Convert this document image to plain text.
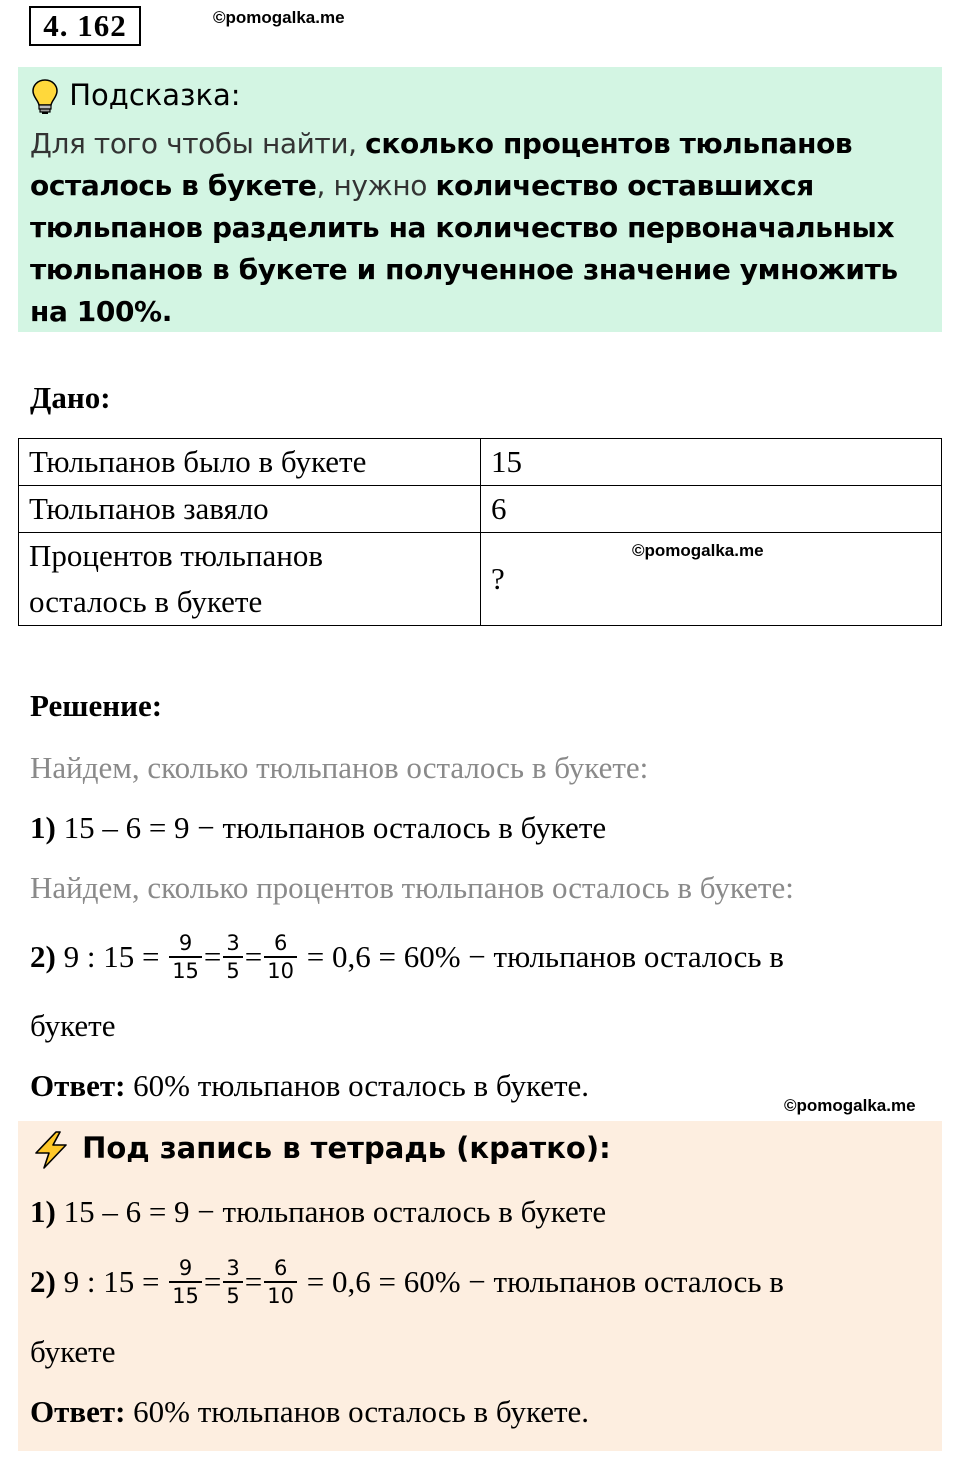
4. 162	©pomogalka.me
Подсказка:
Для того чтобы найти, сколько процентов тюльпанов осталось в букете, нужно количество оставшихся тюльпанов разделить на количество первоначальных тюльпанов в букете и полученное значение умножить на 100%.
Дано:
Тюльпанов было в букете	15
Тюльпанов завяло	6

Процентов тюльпанов
осталось в букете	?
©pomogalka.me
Решение:
Найдем, сколько тюльпанов осталось в букете:
1) 15 – 6 = 9 − тюльпанов осталось в букете
Найдем, сколько процентов тюльпанов осталось в букете:
2) 9 : $15 = \frac{9}{15} = \frac{3}{5} = \frac{6}{10} = 0,6 = 60\%$ − тюльпанов осталось в
букете
Ответ: 60% тюльпанов осталось в букете.
©pomogalka.me
Под запись в тетрадь (кратко):
1) 15 – 6 = 9 − тюльпанов осталось в букете
2) 9 : $15 = \frac{9}{15} = \frac{3}{5} = \frac{6}{10} = 0,6 = 60\%$ − тюльпанов осталось в
букете
Ответ: 60% тюльпанов осталось в букете.
